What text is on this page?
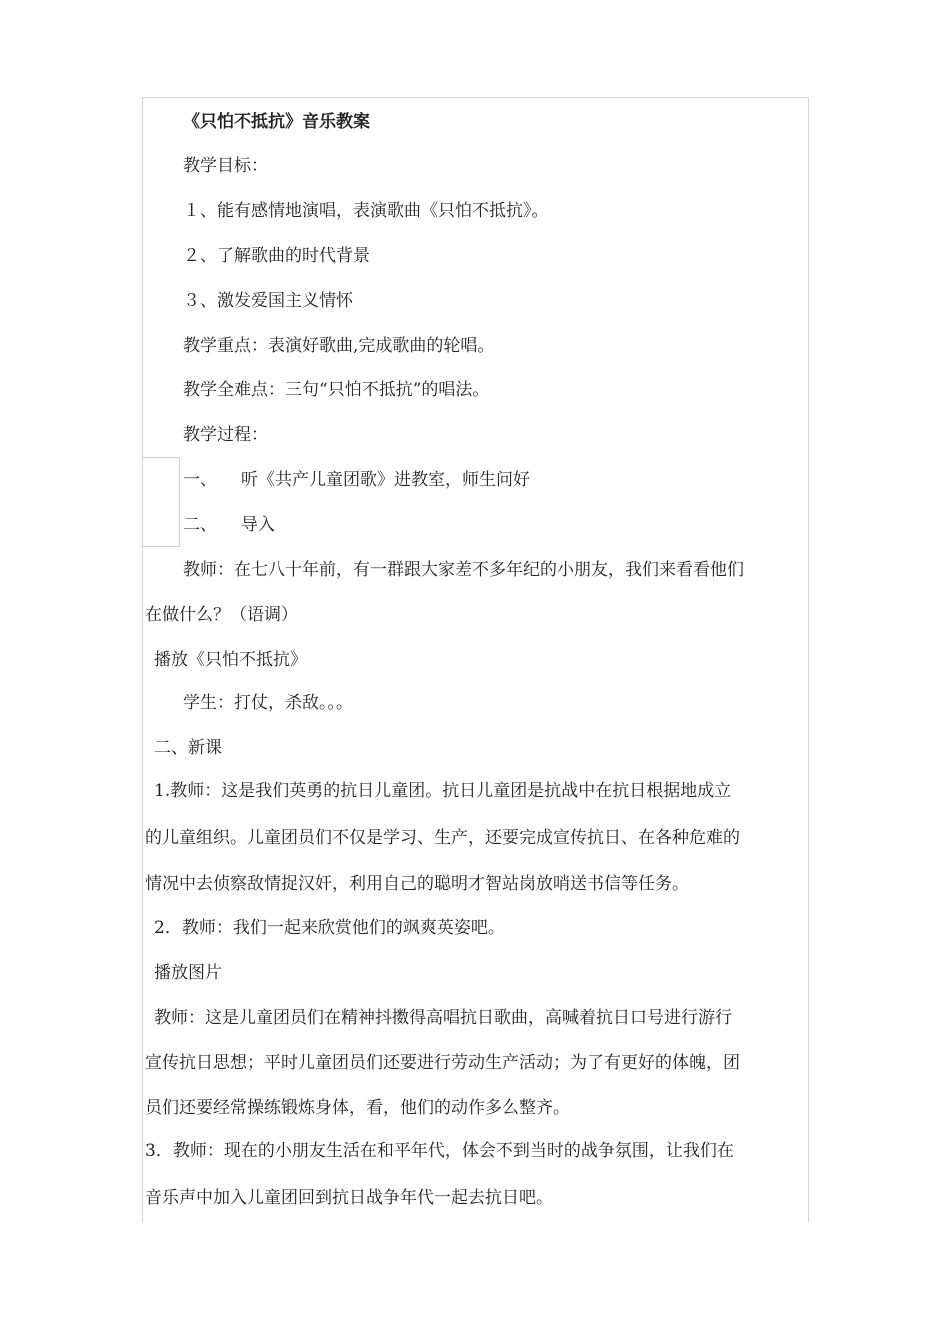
《只怕不抵抗》音乐教案
教学目标：
１、能有感情地演唱，表演歌曲《只怕不抵抗》。
２、了解歌曲的时代背景
３、激发爱国主义情怀
教学重点：表演好歌曲,完成歌曲的轮唱。
教学全难点：三句“只怕不抵抗”的唱法。
教学过程：
一、 听《共产儿童团歌》进教室，师生问好
二、 导入
教师：在七八十年前，有一群跟大家差不多年纪的小朋友，我们来看看他们
在做什么？（语调）
播放《只怕不抵抗》
学生：打仗，杀敌。。。
二、新课
1.教师：这是我们英勇的抗日儿童团。抗日儿童团是抗战中在抗日根据地成立
的儿童组织。儿童团员们不仅是学习、生产，还要完成宣传抗日、在各种危难的
情况中去侦察敌情捉汉奸，利用自己的聪明才智站岗放哨送书信等任务。
2．教师：我们一起来欣赏他们的飒爽英姿吧。
播放图片
教师：这是儿童团员们在精神抖擞得高唱抗日歌曲，高喊着抗日口号进行游行
宣传抗日思想；平时儿童团员们还要进行劳动生产活动；为了有更好的体魄，团
员们还要经常操练锻炼身体，看，他们的动作多么整齐。
3．教师：现在的小朋友生活在和平年代，体会不到当时的战争氛围，让我们在
音乐声中加入儿童团回到抗日战争年代一起去抗日吧。
